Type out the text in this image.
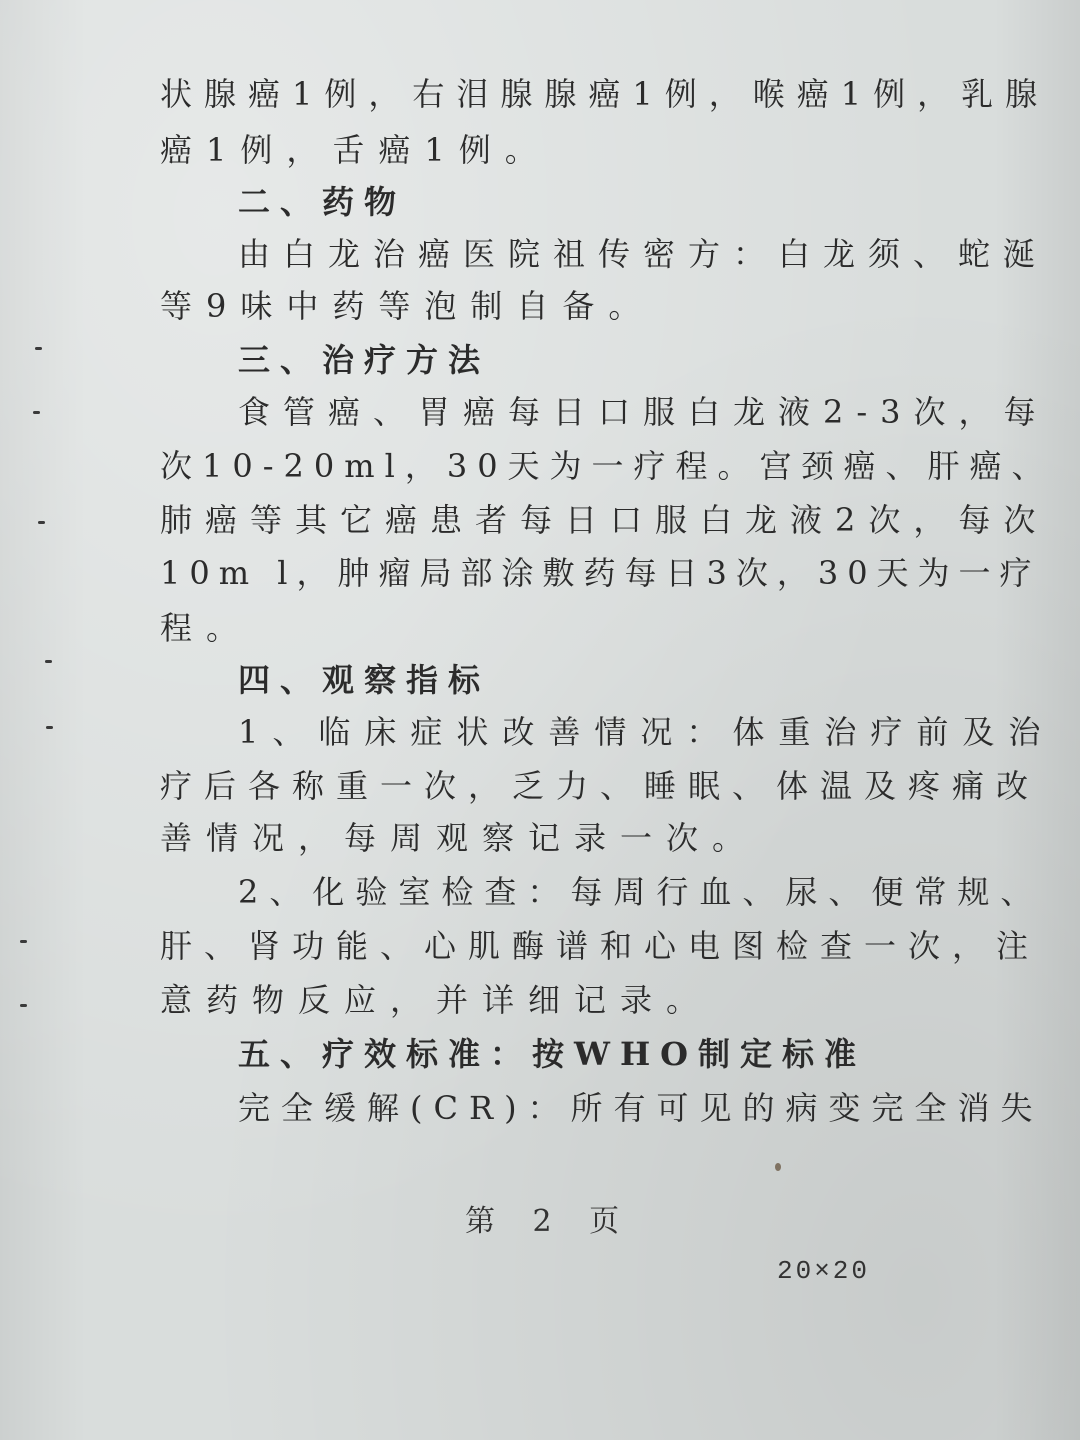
状腺癌1例，右泪腺腺癌1例，喉癌1例，乳腺
癌1例，舌癌1例。
二、药物
由白龙治癌医院祖传密方：白龙须、蛇涎
等9味中药等泡制自备。
三、治疗方法
食管癌、胃癌每日口服白龙液2-3次，每
次10-20ml，30天为一疗程。宫颈癌、肝癌、
肺癌等其它癌患者每日口服白龙液2次，每次
10m l，肿瘤局部涂敷药每日3次，30天为一疗
程。
四、观察指标
1、临床症状改善情况：体重治疗前及治
疗后各称重一次，乏力、睡眠、体温及疼痛改
善情况，每周观察记录一次。
2、化验室检查：每周行血、尿、便常规、
肝、肾功能、心肌酶谱和心电图检查一次，注
意药物反应，并详细记录。
五、疗效标准：按WHO制定标准
完全缓解(CR)：所有可见的病变完全消失
第 2 页
20×20
